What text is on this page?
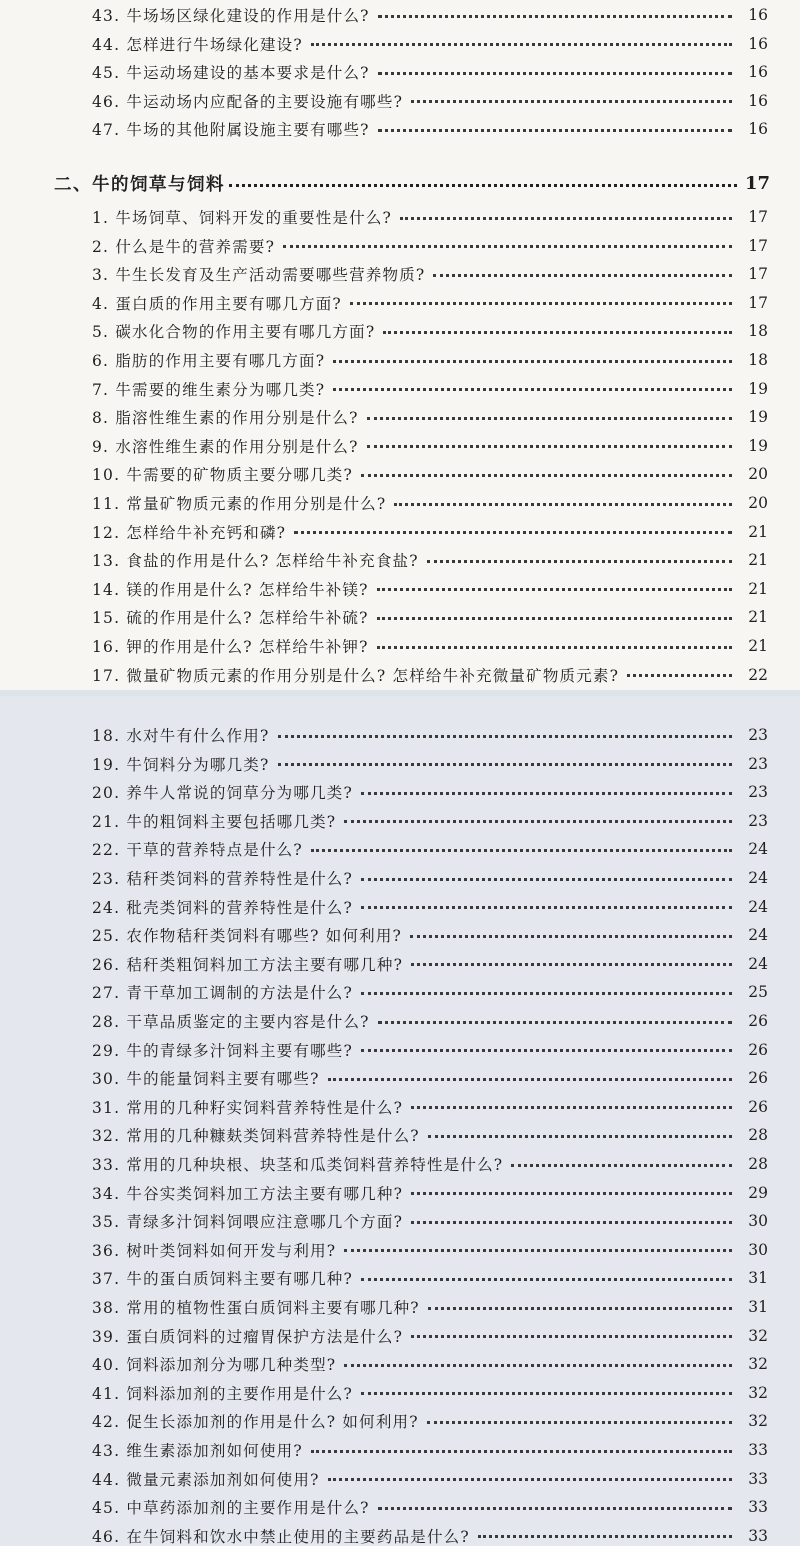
43. 牛场场区绿化建设的作用是什么?	16
44. 怎样进行牛场绿化建设?	16
45. 牛运动场建设的基本要求是什么?	16
46. 牛运动场内应配备的主要设施有哪些?	16
47. 牛场的其他附属设施主要有哪些?	16
二、牛的饲草与饲料	17
1. 牛场饲草、饲料开发的重要性是什么?	17
2. 什么是牛的营养需要?	17
3. 牛生长发育及生产活动需要哪些营养物质?	17
4. 蛋白质的作用主要有哪几方面?	17
5. 碳水化合物的作用主要有哪几方面?	18
6. 脂肪的作用主要有哪几方面?	18
7. 牛需要的维生素分为哪几类?	19
8. 脂溶性维生素的作用分别是什么?	19
9. 水溶性维生素的作用分别是什么?	19
10. 牛需要的矿物质主要分哪几类?	20
11. 常量矿物质元素的作用分别是什么?	20
12. 怎样给牛补充钙和磷?	21
13. 食盐的作用是什么? 怎样给牛补充食盐?	21
14. 镁的作用是什么? 怎样给牛补镁?	21
15. 硫的作用是什么? 怎样给牛补硫?	21
16. 钾的作用是什么? 怎样给牛补钾?	21
17. 微量矿物质元素的作用分别是什么? 怎样给牛补充微量矿物质元素?	22
18. 水对牛有什么作用?	23
19. 牛饲料分为哪几类?	23
20. 养牛人常说的饲草分为哪几类?	23
21. 牛的粗饲料主要包括哪几类?	23
22. 干草的营养特点是什么?	24
23. 秸秆类饲料的营养特性是什么?	24
24. 秕壳类饲料的营养特性是什么?	24
25. 农作物秸秆类饲料有哪些? 如何利用?	24
26. 秸秆类粗饲料加工方法主要有哪几种?	24
27. 青干草加工调制的方法是什么?	25
28. 干草品质鉴定的主要内容是什么?	26
29. 牛的青绿多汁饲料主要有哪些?	26
30. 牛的能量饲料主要有哪些?	26
31. 常用的几种籽实饲料营养特性是什么?	26
32. 常用的几种糠麸类饲料营养特性是什么?	28
33. 常用的几种块根、块茎和瓜类饲料营养特性是什么?	28
34. 牛谷实类饲料加工方法主要有哪几种?	29
35. 青绿多汁饲料饲喂应注意哪几个方面?	30
36. 树叶类饲料如何开发与利用?	30
37. 牛的蛋白质饲料主要有哪几种?	31
38. 常用的植物性蛋白质饲料主要有哪几种?	31
39. 蛋白质饲料的过瘤胃保护方法是什么?	32
40. 饲料添加剂分为哪几种类型?	32
41. 饲料添加剂的主要作用是什么?	32
42. 促生长添加剂的作用是什么? 如何利用?	32
43. 维生素添加剂如何使用?	33
44. 微量元素添加剂如何使用?	33
45. 中草药添加剂的主要作用是什么?	33
46. 在牛饲料和饮水中禁止使用的主要药品是什么?	33
